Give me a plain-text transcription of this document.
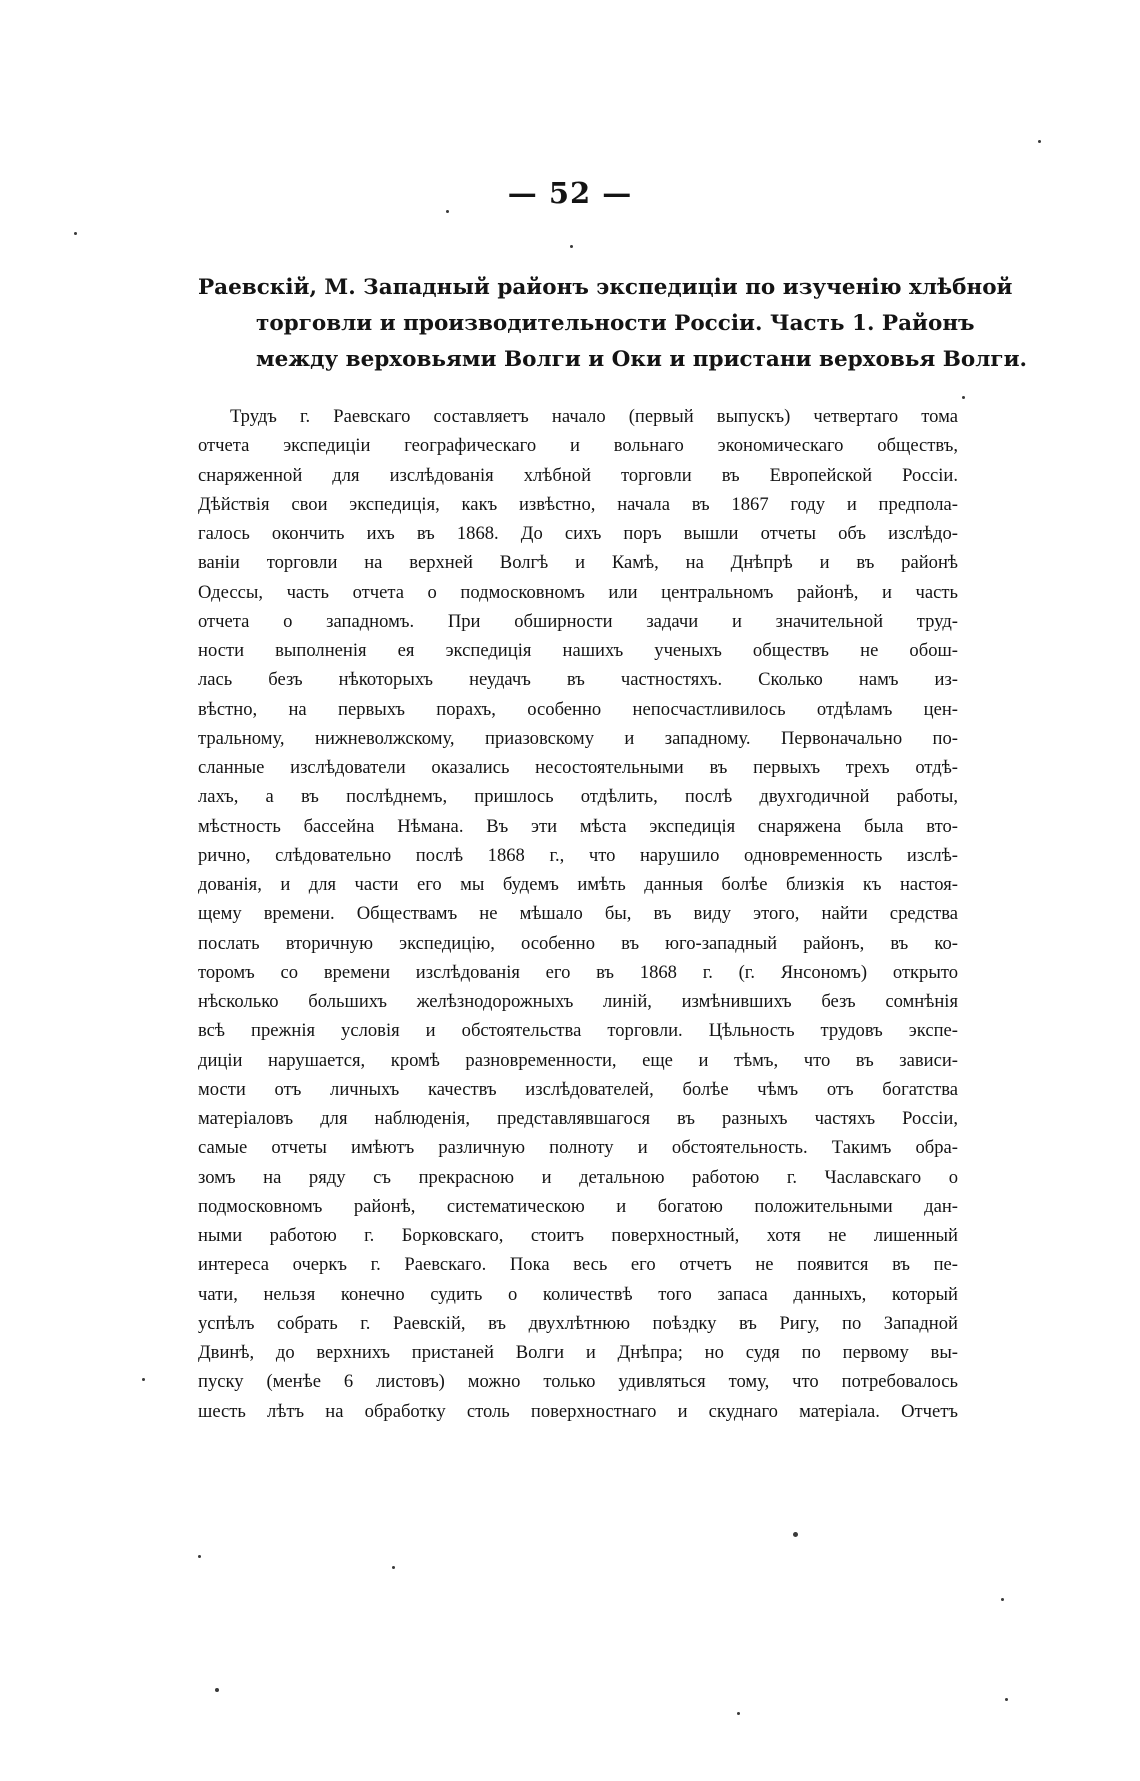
— 52 —
Раевскій, М. Западный районъ экспедиціи по изученію хлѣбной
торговли и производительности Россіи. Часть 1. Районъ
между верховьями Волги и Оки и пристани верховья Волги.
Трудъ г. Раевскаго составляетъ начало (первый выпускъ) четвертаго тома
отчета экспедиціи географическаго и вольнаго экономическаго обществъ,
снаряженной для изслѣдованія хлѣбной торговли въ Европейской Россіи.
Дѣйствія свои экспедиція, какъ извѣстно, начала въ 1867 году и предпола-
галось окончить ихъ въ 1868. До сихъ поръ вышли отчеты объ изслѣдо-
ваніи торговли на верхней Волгѣ и Камѣ, на Днѣпрѣ и въ районѣ
Одессы, часть отчета о подмосковномъ или центральномъ районѣ, и часть
отчета о западномъ. При обширности задачи и значительной труд-
ности выполненія ея экспедиція нашихъ ученыхъ обществъ не обош-
лась безъ нѣкоторыхъ неудачъ въ частностяхъ. Сколько намъ из-
вѣстно, на первыхъ порахъ, особенно непосчастливилось отдѣламъ цен-
тральному, нижневолжскому, приазовскому и западному. Первоначально по-
сланные изслѣдователи оказались несостоятельными въ первыхъ трехъ отдѣ-
лахъ, а въ послѣднемъ, пришлось отдѣлить, послѣ двухгодичной работы,
мѣстность бассейна Нѣмана. Въ эти мѣста экспедиція снаряжена была вто-
рично, слѣдовательно послѣ 1868 г., что нарушило одновременность изслѣ-
дованія, и для части его мы будемъ имѣть данныя болѣе близкія къ настоя-
щему времени. Обществамъ не мѣшало бы, въ виду этого, найти средства
послать вторичную экспедицію, особенно въ юго-западный районъ, въ ко-
торомъ со времени изслѣдованія его въ 1868 г. (г. Янсономъ) открыто
нѣсколько большихъ желѣзнодорожныхъ линій, измѣнившихъ безъ сомнѣнія
всѣ прежнія условія и обстоятельства торговли. Цѣльность трудовъ экспе-
диціи нарушается, кромѣ разновременности, еще и тѣмъ, что въ зависи-
мости отъ личныхъ качествъ изслѣдователей, болѣе чѣмъ отъ богатства
матеріаловъ для наблюденія, представлявшагося въ разныхъ частяхъ Россіи,
самые отчеты имѣютъ различную полноту и обстоятельность. Такимъ обра-
зомъ на ряду съ прекрасною и детальною работою г. Чаславскаго о
подмосковномъ районѣ, систематическою и богатою положительными дан-
ными работою г. Борковскаго, стоитъ поверхностный, хотя не лишенный
интереса очеркъ г. Раевскаго. Пока весь его отчетъ не появится въ пе-
чати, нельзя конечно судить о количествѣ того запаса данныхъ, который
успѣлъ собрать г. Раевскій, въ двухлѣтнюю поѣздку въ Ригу, по Западной
Двинѣ, до верхнихъ пристаней Волги и Днѣпра; но судя по первому вы-
пуску (менѣе 6 листовъ) можно только удивляться тому, что потребовалось
шесть лѣтъ на обработку столь поверхностнаго и скуднаго матеріала. Отчетъ
